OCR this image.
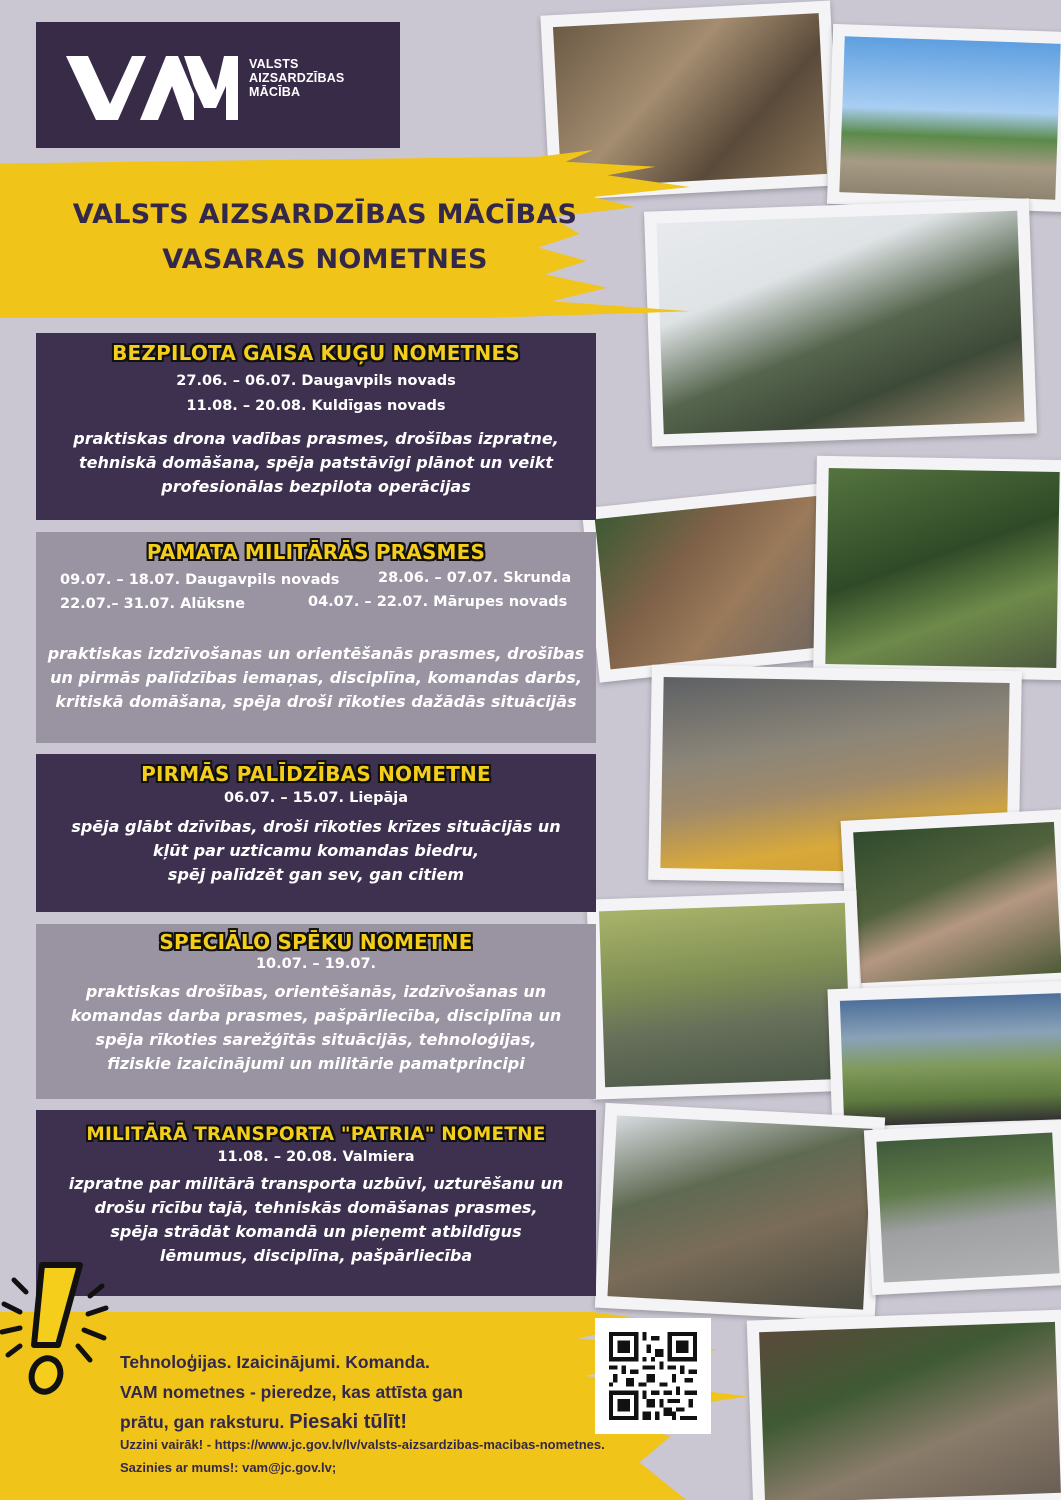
VALSTS
AIZSARDZĪBAS
MĀCĪBA
VALSTS AIZSARDZĪBAS MĀCĪBAS
VASARAS NOMETNES
BEZPILOTA GAISA KUĢU NOMETNES
27.06. – 06.07. Daugavpils novads
11.08. – 20.08. Kuldīgas novads
praktiskas drona vadības prasmes, drošības izpratne,
tehniskā domāšana, spēja patstāvīgi plānot un veikt
profesionālas bezpilota operācijas
PAMATA MILITĀRĀS PRASMES
09.07. – 18.07. Daugavpils novads	28.06. – 07.07. Skrunda
22.07.– 31.07. Alūksne	04.07. – 22.07. Mārupes novads
praktiskas izdzīvošanas un orientēšanās prasmes, drošības
un pirmās palīdzības iemaņas, disciplīna, komandas darbs,
kritiskā domāšana, spēja droši rīkoties dažādās situācijās
PIRMĀS PALĪDZĪBAS NOMETNE
06.07. – 15.07. Liepāja
spēja glābt dzīvības, droši rīkoties krīzes situācijās un
kļūt par uzticamu komandas biedru,
spēj palīdzēt gan sev, gan citiem
SPECIĀLO SPĒKU NOMETNE
10.07. – 19.07.
praktiskas drošības, orientēšanās, izdzīvošanas un
komandas darba prasmes, pašpārliecība, disciplīna un
spēja rīkoties sarežģītās situācijās, tehnoloģijas,
fiziskie izaicinājumi un militārie pamatprincipi
MILITĀRĀ TRANSPORTA "PATRIA" NOMETNE
11.08. – 20.08. Valmiera
izpratne par militārā transporta uzbūvi, uzturēšanu un
drošu rīcību tajā, tehniskās domāšanas prasmes,
spēja strādāt komandā un pieņemt atbildīgus
lēmumus, disciplīna, pašpārliecība
Tehnoloģijas. Izaicinājumi. Komanda.
VAM nometnes - pieredze, kas attīsta gan
prātu, gan raksturu. Piesaki tūlīt!
Uzzini vairāk! - https://www.jc.gov.lv/lv/valsts-aizsardzibas-macibas-nometnes.
Sazinies ar mums!: vam@jc.gov.lv;
